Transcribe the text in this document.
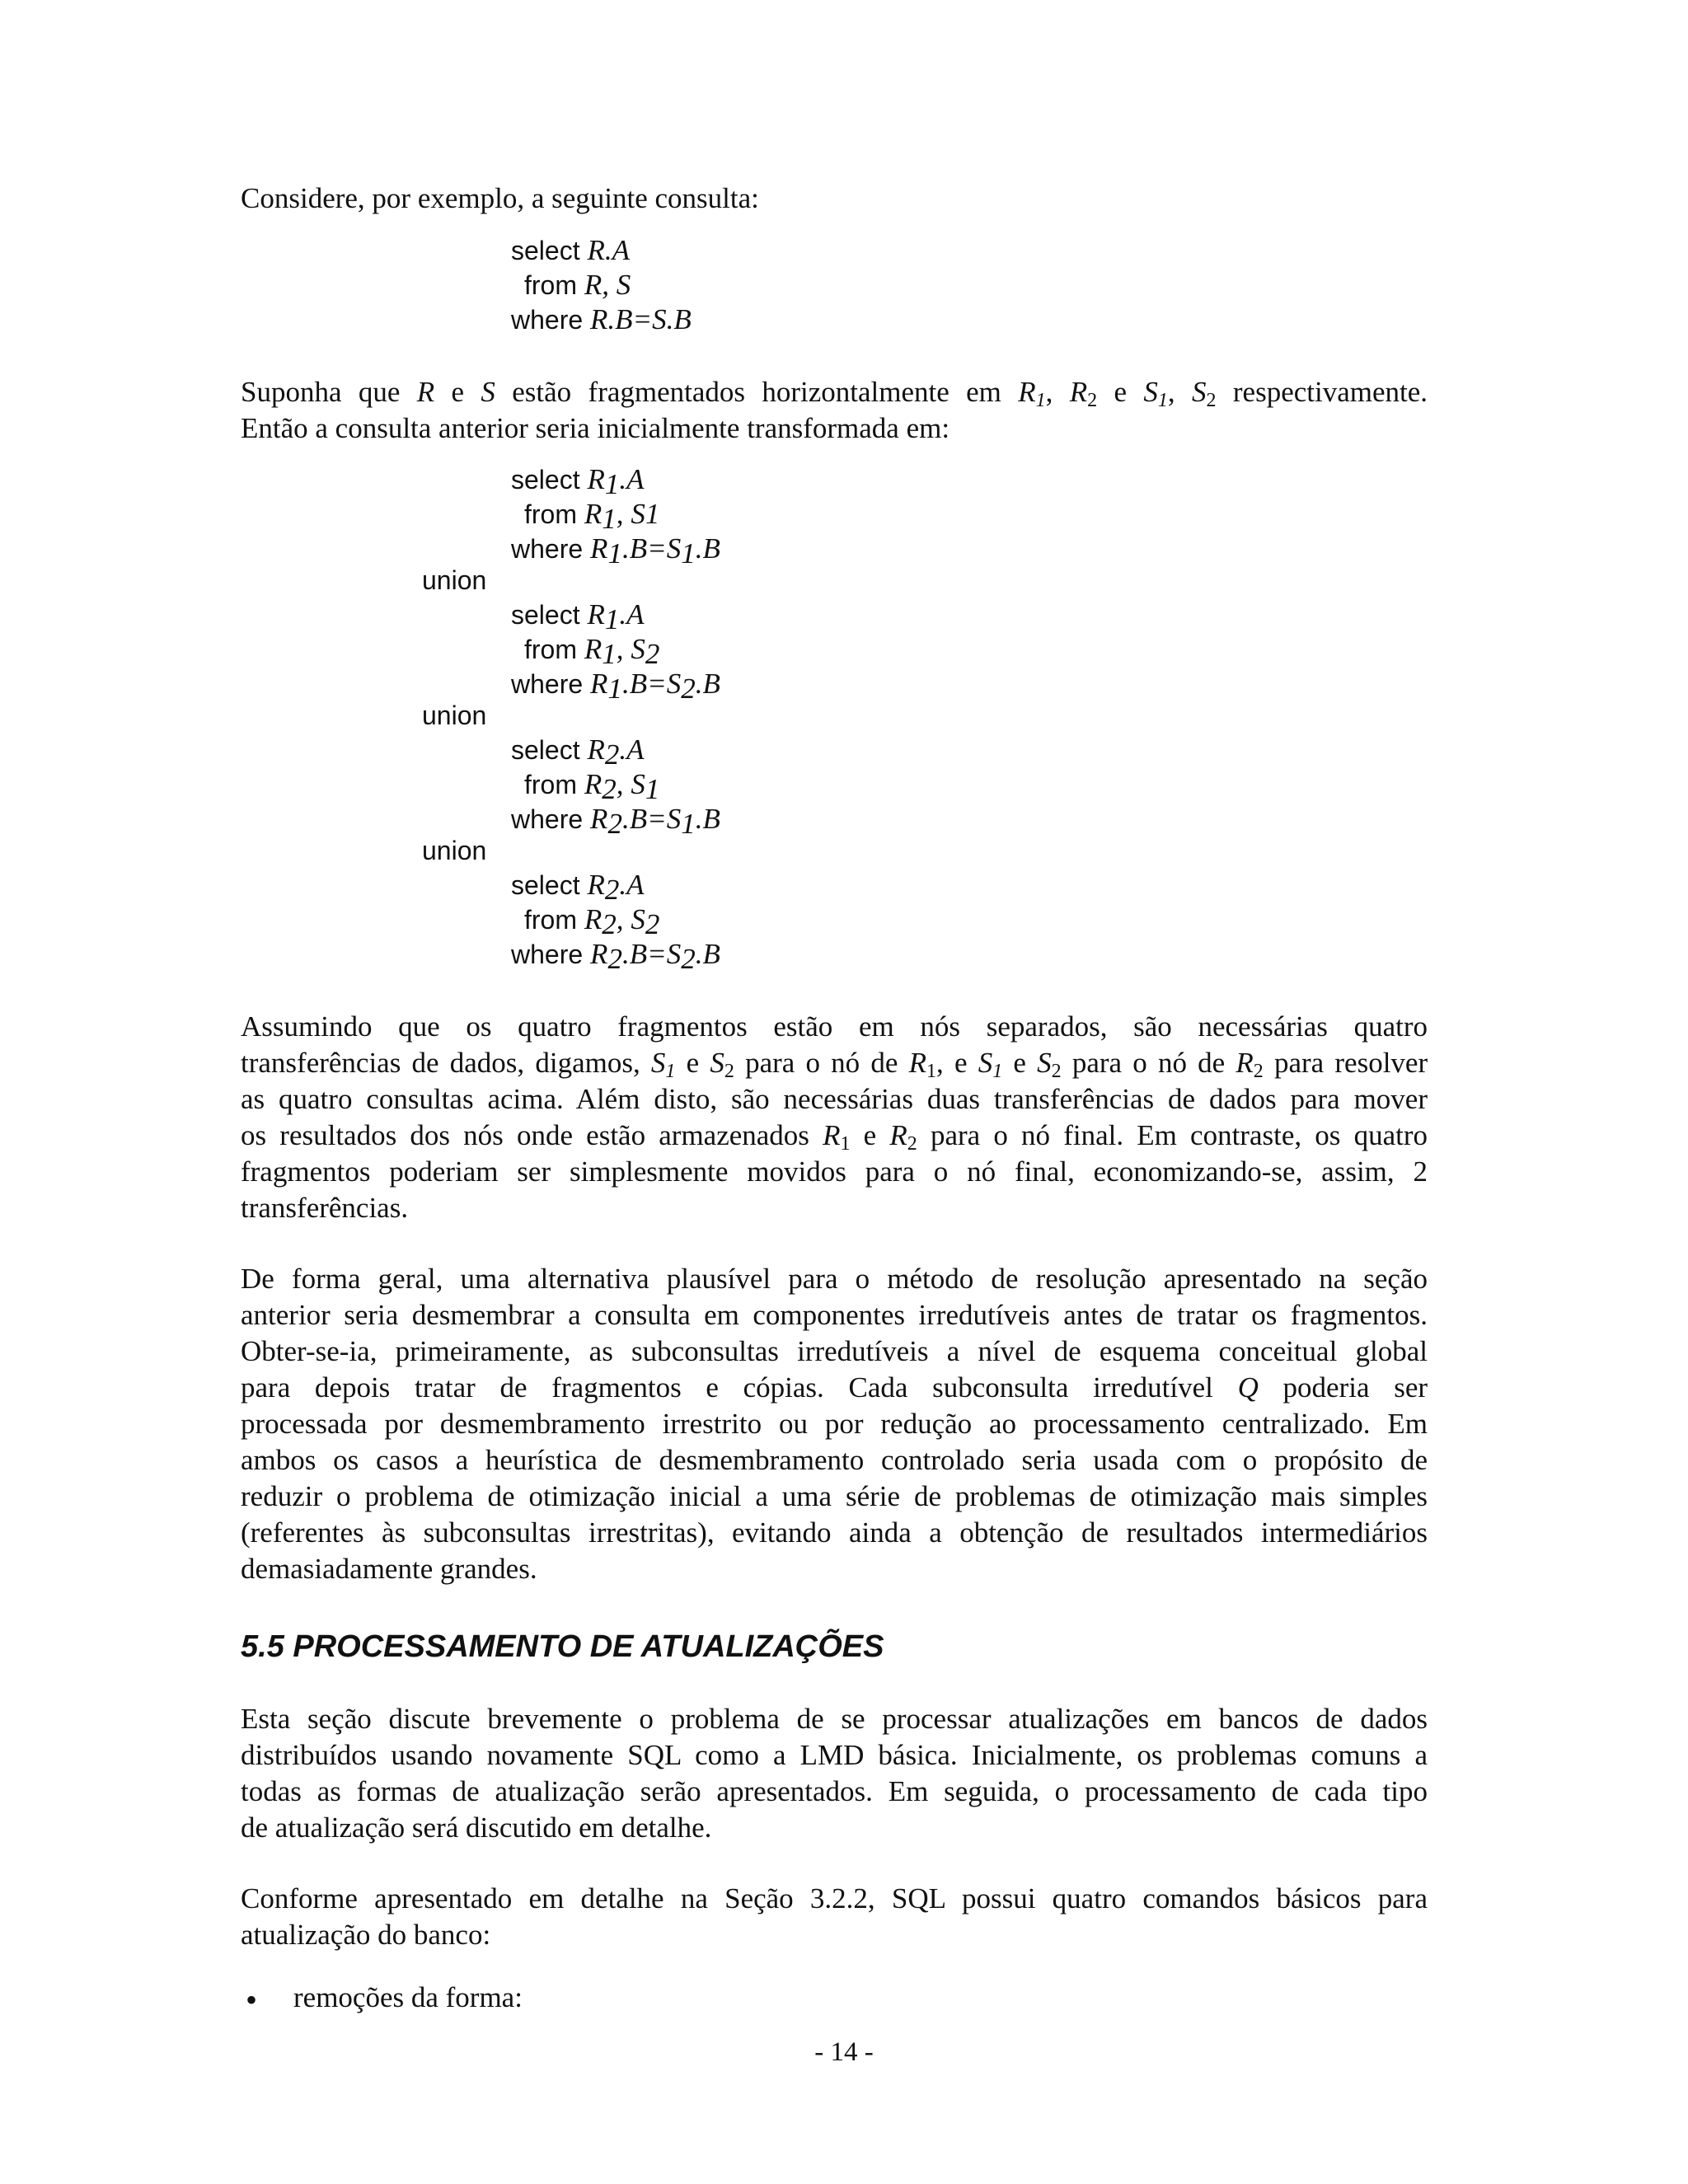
Considere, por exemplo, a seguinte consulta:
select R.A
from R, S
where R.B=S.B
Suponha que R e S estão fragmentados horizontalmente em $R_1$, $R_2$ e $S_1$, $S_2$ respectivamente.
Então a consulta anterior seria inicialmente transformada em:
select $R_1.A$
from $R_1$, S1
where $R_1.B=S_1.B$
union
select $R_1.A$
from $R_1$, $S_2$
where $R_1.B=S_2.B$
union
select $R_2.A$
from $R_2$, $S_1$
where $R_2.B=S_1.B$
union
select $R_2.A$
from $R_2$, $S_2$
where $R_2.B=S_2.B$
Assumindo que os quatro fragmentos estão em nós separados, são necessárias quatro
transferências de dados, digamos, $S_1$ e $S_2$ para o nó de $R_1$, e $S_1$ e $S_2$ para o nó de $R_2$ para resolver
as quatro consultas acima. Além disto, são necessárias duas transferências de dados para mover
os resultados dos nós onde estão armazenados $R_1$ e $R_2$ para o nó final. Em contraste, os quatro
fragmentos poderiam ser simplesmente movidos para o nó final, economizando-se, assim, 2
transferências.
De forma geral, uma alternativa plausível para o método de resolução apresentado na seção
anterior seria desmembrar a consulta em componentes irredutíveis antes de tratar os fragmentos.
Obter-se-ia, primeiramente, as subconsultas irredutíveis a nível de esquema conceitual global
para depois tratar de fragmentos e cópias. Cada subconsulta irredutível Q poderia ser
processada por desmembramento irrestrito ou por redução ao processamento centralizado. Em
ambos os casos a heurística de desmembramento controlado seria usada com o propósito de
reduzir o problema de otimização inicial a uma série de problemas de otimização mais simples
(referentes às subconsultas irrestritas), evitando ainda a obtenção de resultados intermediários
demasiadamente grandes.
5.5 PROCESSAMENTO DE ATUALIZAÇÕES
Esta seção discute brevemente o problema de se processar atualizações em bancos de dados
distribuídos usando novamente SQL como a LMD básica. Inicialmente, os problemas comuns a
todas as formas de atualização serão apresentados. Em seguida, o processamento de cada tipo
de atualização será discutido em detalhe.
Conforme apresentado em detalhe na Seção 3.2.2, SQL possui quatro comandos básicos para
atualização do banco:
• remoções da forma:
- 14 -
